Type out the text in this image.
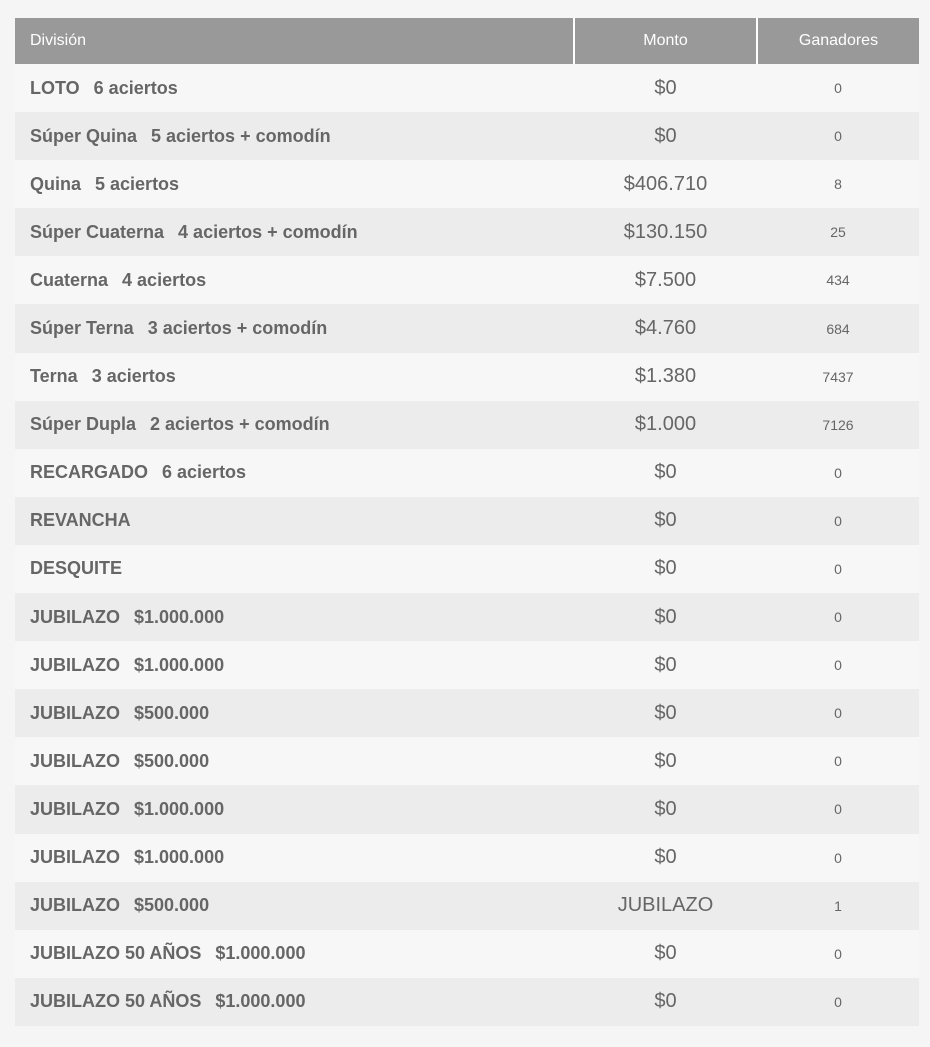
División	Monto	Ganadores
LOTO 6 aciertos	$0	0
Súper Quina 5 aciertos + comodín	$0	0
Quina 5 aciertos	$406.710	8
Súper Cuaterna 4 aciertos + comodín	$130.150	25
Cuaterna 4 aciertos	$7.500	434
Súper Terna 3 aciertos + comodín	$4.760	684
Terna 3 aciertos	$1.380	7437
Súper Dupla 2 aciertos + comodín	$1.000	7126
RECARGADO 6 aciertos	$0	0
REVANCHA	$0	0
DESQUITE	$0	0
JUBILAZO $1.000.000	$0	0
JUBILAZO $1.000.000	$0	0
JUBILAZO $500.000	$0	0
JUBILAZO $500.000	$0	0
JUBILAZO $1.000.000	$0	0
JUBILAZO $1.000.000	$0	0
JUBILAZO $500.000	JUBILAZO	1
JUBILAZO 50 AÑOS $1.000.000	$0	0
JUBILAZO 50 AÑOS $1.000.000	$0	0
